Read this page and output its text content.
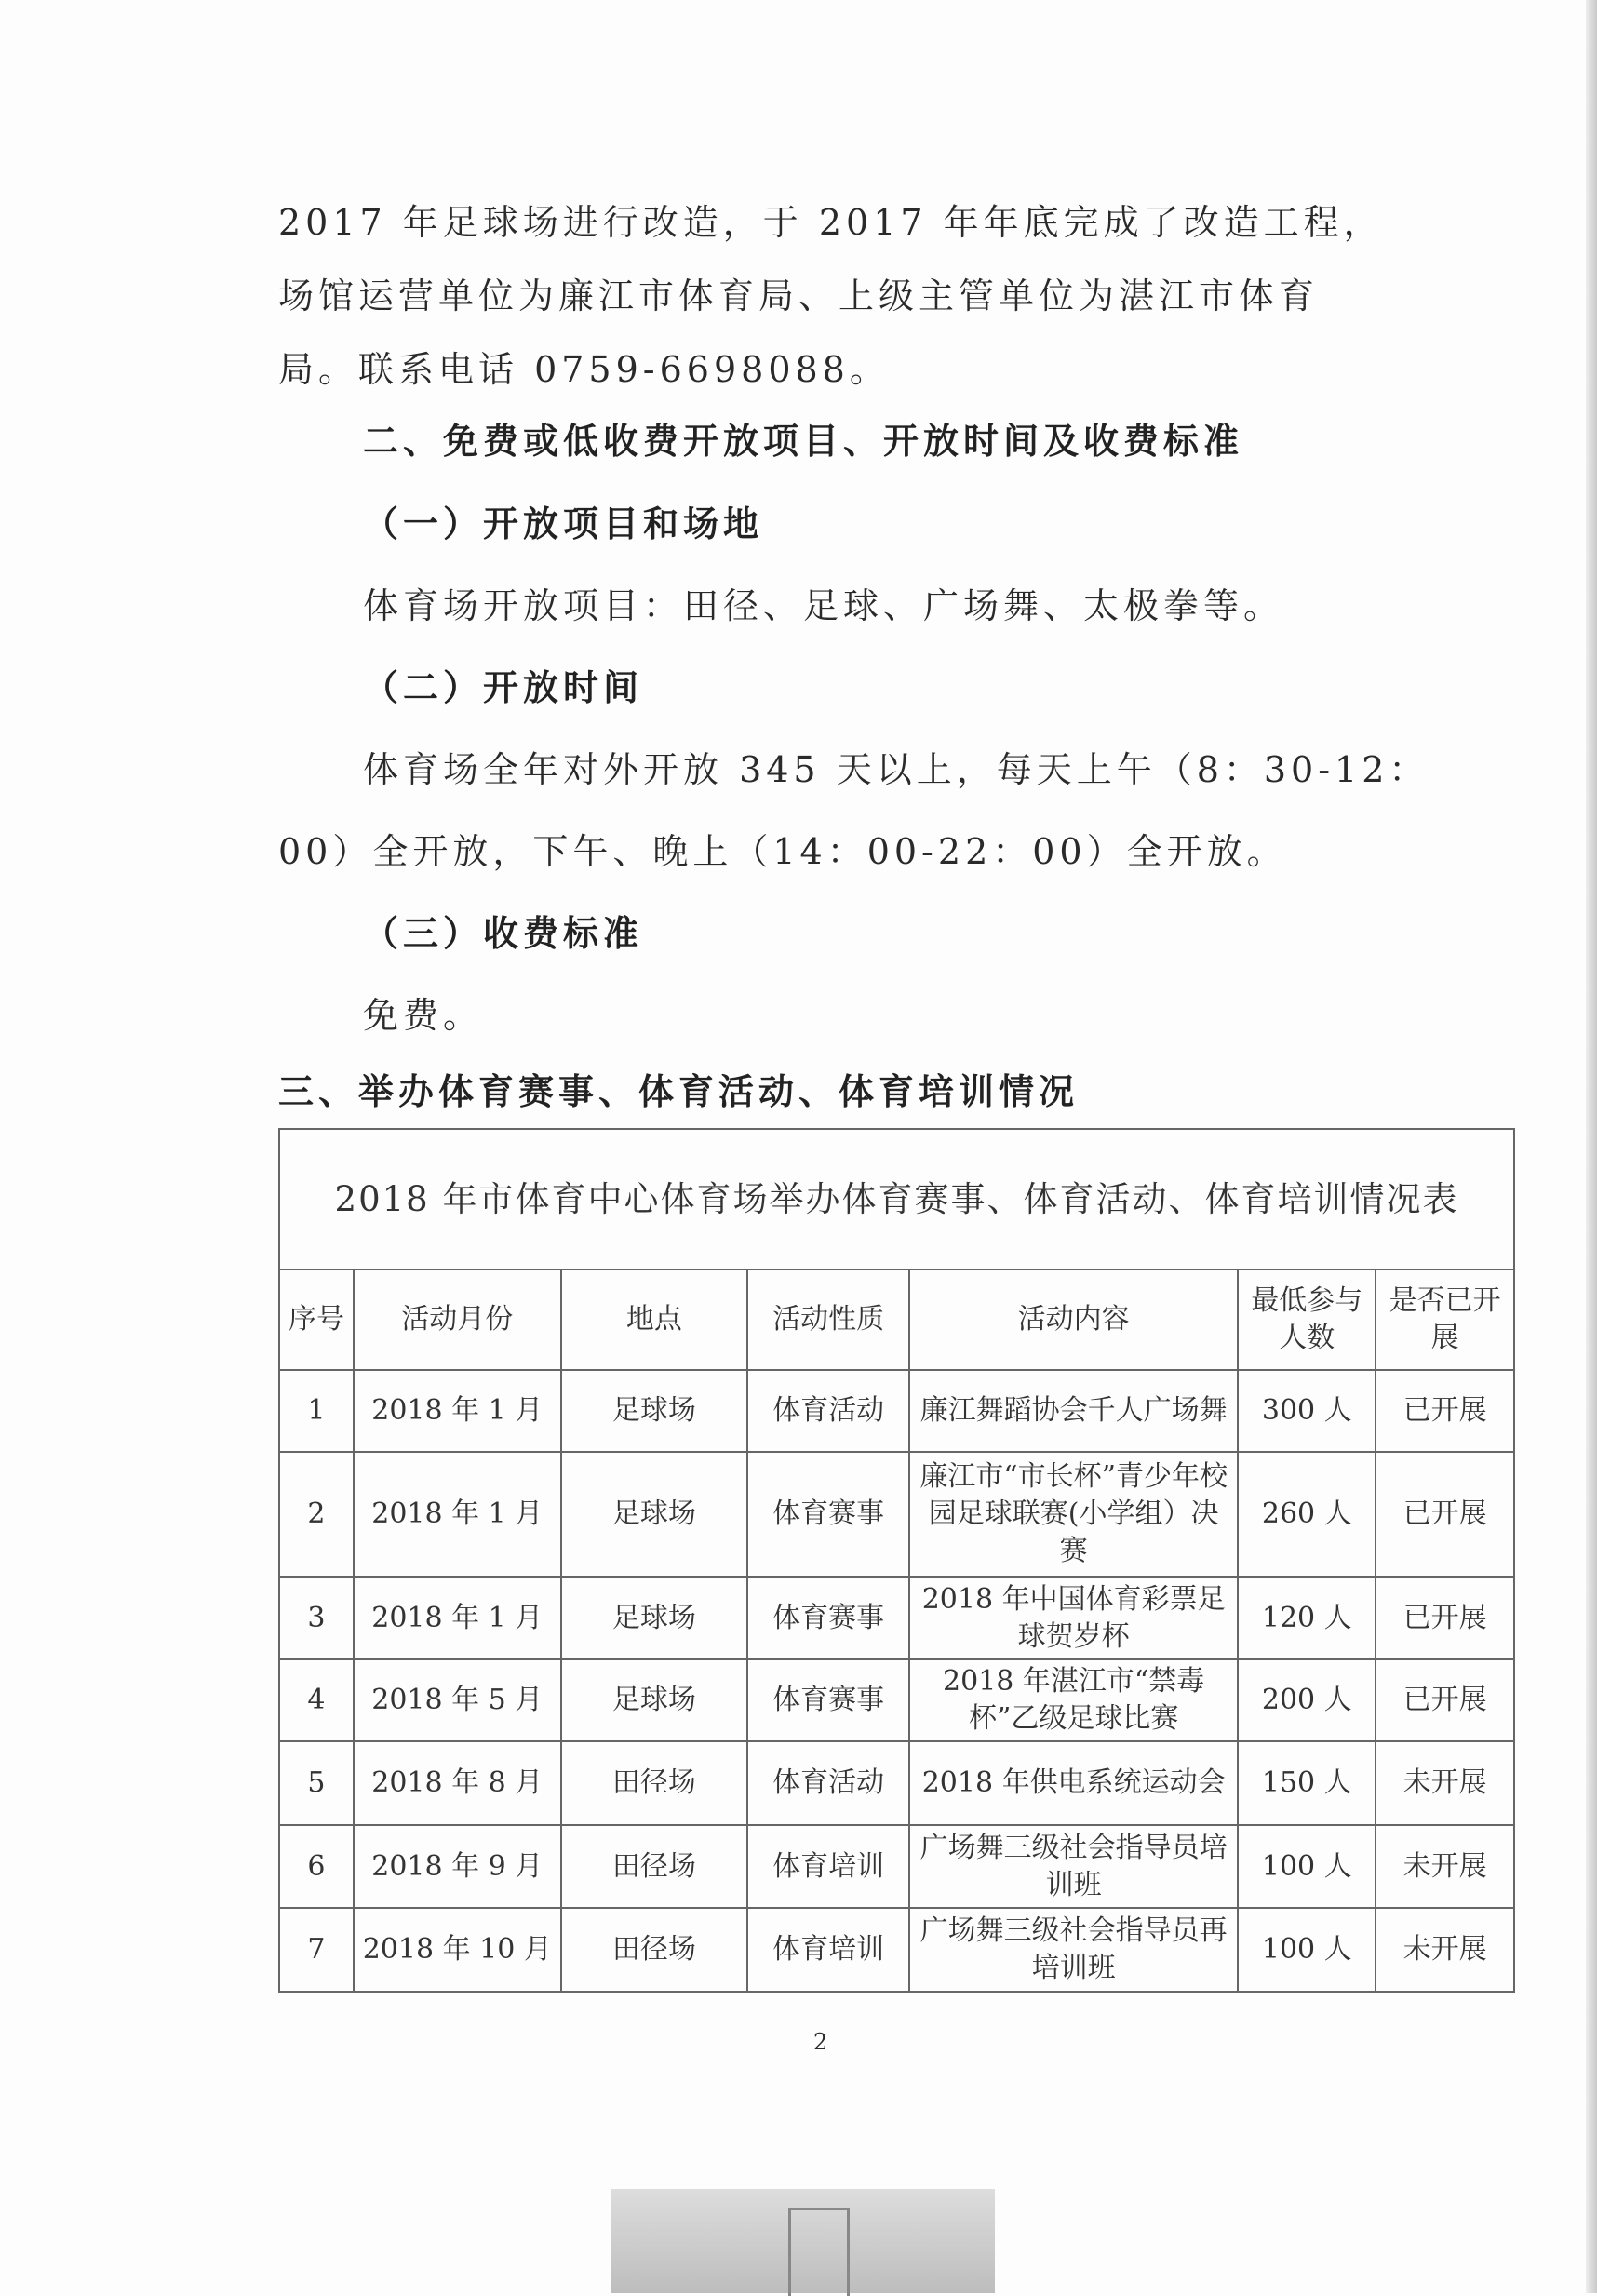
2017 年足球场进行改造，于 2017 年年底完成了改造工程，
场馆运营单位为廉江市体育局、上级主管单位为湛江市体育
局。联系电话 0759-6698088。
二、免费或低收费开放项目、开放时间及收费标准
（一）开放项目和场地
体育场开放项目：田径、足球、广场舞、太极拳等。
（二）开放时间
体育场全年对外开放 345 天以上，每天上午（8：30-12：
00）全开放，下午、晚上（14：00-22：00）全开放。
（三）收费标准
免费。
三、举办体育赛事、体育活动、体育培训情况
2018 年市体育中心体育场举办体育赛事、体育活动、体育培训情况表						
序号	活动月份	地点	活动性质	活动内容	最低参与人数	是否已开展
1	2018 年 1 月	足球场	体育活动	廉江舞蹈协会千人广场舞	300 人	已开展
2	2018 年 1 月	足球场	体育赛事	廉江市“市长杯”青少年校园足球联赛(小学组）决赛	260 人	已开展
3	2018 年 1 月	足球场	体育赛事	2018 年中国体育彩票足球贺岁杯	120 人	已开展
4	2018 年 5 月	足球场	体育赛事	2018 年湛江市“禁毒杯”乙级足球比赛	200 人	已开展
5	2018 年 8 月	田径场	体育活动	2018 年供电系统运动会	150 人	未开展
6	2018 年 9 月	田径场	体育培训	广场舞三级社会指导员培训班	100 人	未开展
7	2018 年 10 月	田径场	体育培训	广场舞三级社会指导员再培训班	100 人	未开展
2
